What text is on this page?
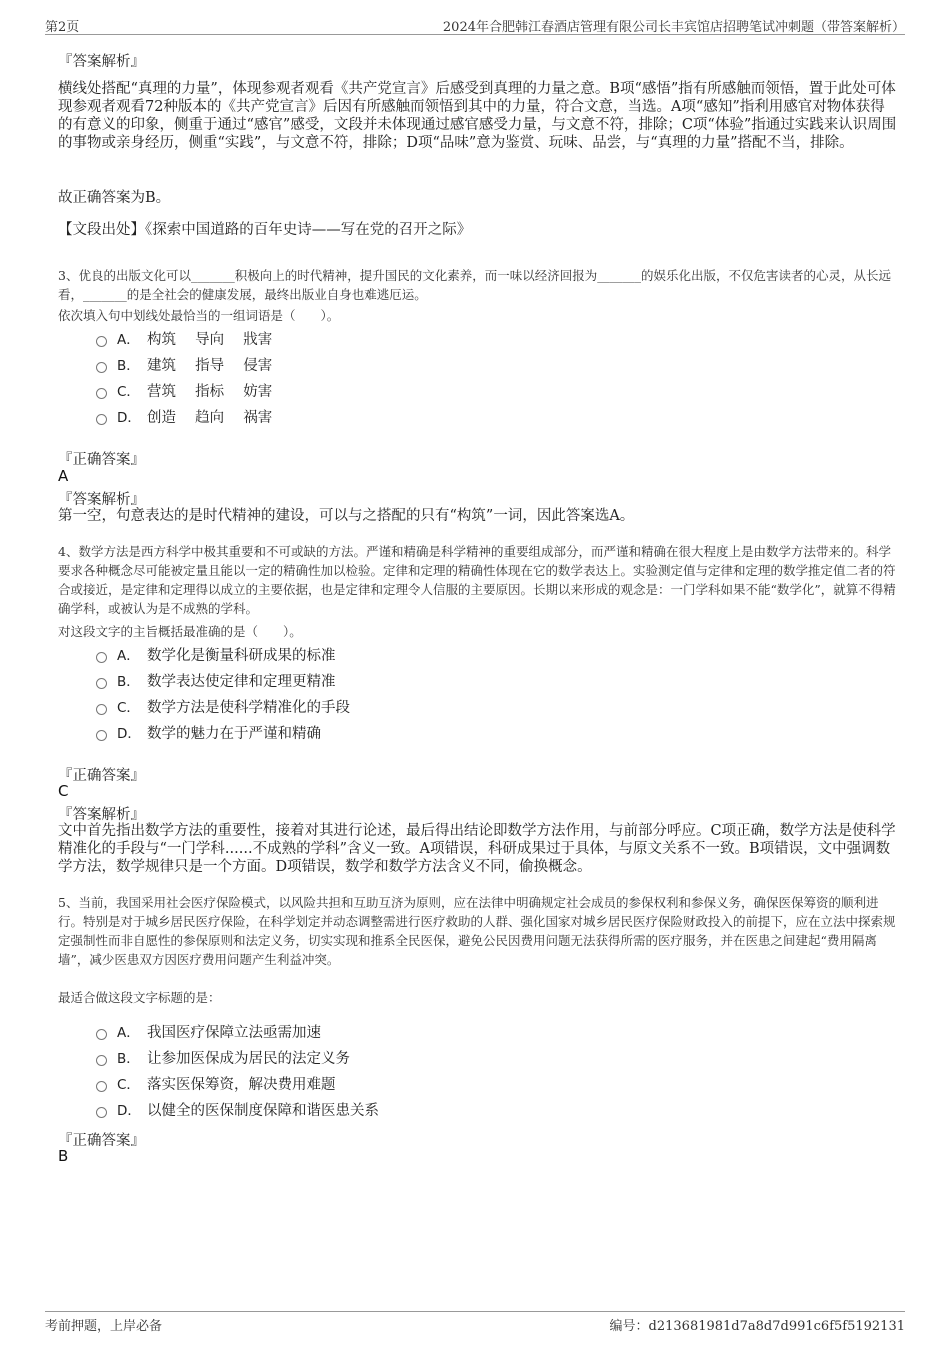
第2页	2024年合肥韩江春酒店管理有限公司长丰宾馆店招聘笔试冲刺题（带答案解析）
『答案解析』
横线处搭配“真理的力量”，体现参观者观看《共产党宣言》后感受到真理的力量之意。B项“感悟”指有所感触而领悟，置于此处可体现参观者观看72种版本的《共产党宣言》后因有所感触而领悟到其中的力量，符合文意，当选。A项“感知”指利用感官对物体获得的有意义的印象，侧重于通过“感官”感受，文段并未体现通过感官感受力量，与文意不符，排除；C项“体验”指通过实践来认识周围的事物或亲身经历，侧重“实践”，与文意不符，排除；D项“品味”意为鉴赏、玩味、品尝，与“真理的力量”搭配不当，排除。
故正确答案为B。
【文段出处】《探索中国道路的百年史诗——写在党的召开之际》
3、优良的出版文化可以_______积极向上的时代精神，提升国民的文化素养，而一味以经济回报为_______的娱乐化出版，不仅危害读者的心灵，从长远看，_______的是全社会的健康发展，最终出版业自身也难逃厄运。
依次填入句中划线处最恰当的一组词语是（　　）。
A． 构筑　 导向　 戕害
B． 建筑　 指导　 侵害
C． 营筑　 指标　 妨害
D． 创造　 趋向　 祸害
『正确答案』
A
『答案解析』
第一空，句意表达的是时代精神的建设，可以与之搭配的只有“构筑”一词，因此答案选A。
4、数学方法是西方科学中极其重要和不可或缺的方法。严谨和精确是科学精神的重要组成部分，而严谨和精确在很大程度上是由数学方法带来的。科学要求各种概念尽可能被定量且能以一定的精确性加以检验。定律和定理的精确性体现在它的数学表达上。实验测定值与定律和定理的数学推定值二者的符合或接近，是定律和定理得以成立的主要依据，也是定律和定理令人信服的主要原因。长期以来形成的观念是：一门学科如果不能“数学化”，就算不得精确学科，或被认为是不成熟的学科。
对这段文字的主旨概括最准确的是（　　）。
A． 数学化是衡量科研成果的标准
B． 数学表达使定律和定理更精准
C． 数学方法是使科学精准化的手段
D． 数学的魅力在于严谨和精确
『正确答案』
C
『答案解析』
文中首先指出数学方法的重要性，接着对其进行论述，最后得出结论即数学方法作用，与前部分呼应。C项正确，数学方法是使科学精准化的手段与“一门学科......不成熟的学科”含义一致。A项错误，科研成果过于具体，与原文关系不一致。B项错误，文中强调数学方法，数学规律只是一个方面。D项错误，数学和数学方法含义不同，偷换概念。
5、当前，我国采用社会医疗保险模式，以风险共担和互助互济为原则，应在法律中明确规定社会成员的参保权利和参保义务，确保医保筹资的顺利进行。特别是对于城乡居民医疗保险，在科学划定并动态调整需进行医疗救助的人群、强化国家对城乡居民医疗保险财政投入的前提下，应在立法中探索规定强制性而非自愿性的参保原则和法定义务，切实实现和推系全民医保，避免公民因费用问题无法获得所需的医疗服务，并在医患之间建起“费用隔离墙”，减少医患双方因医疗费用问题产生利益冲突。
最适合做这段文字标题的是：
A． 我国医疗保障立法亟需加速
B． 让参加医保成为居民的法定义务
C． 落实医保筹资，解决费用难题
D． 以健全的医保制度保障和谐医患关系
『正确答案』
B
考前押题，上岸必备	编号：d213681981d7a8d7d991c6f5f5192131
